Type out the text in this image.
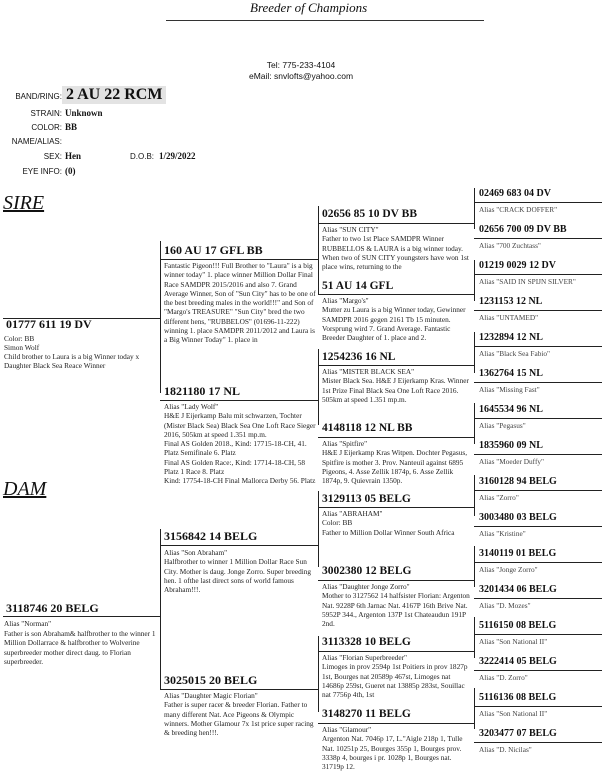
Breeder of Champions
Tel: 775-233-4104
eMail: snvlofts@yahoo.com
BAND/RING: 2 AU 22 RCM
STRAIN: Unknown
COLOR: BB
NAME/ALIAS:
SEX: Hen	D.O.B: 1/29/2022
EYE INFO: (0)
SIRE
DAM
01777 611 19 DV
Color: BB
Simon Wolf
Child brother to Laura is a big Winner today x Daughter Black Sea Reace Winner
3118746 20 BELG
Alias "Norman"
Father is son Abraham& halfbrother to the winner 1 Million Dollarrace & halfbrother to Wolverine superbreeder mother direct daug. to Florian superbreeder.
160 AU 17 GFL BB
Fantastic Pigeon!!! Full Brother to "Laura" is a big winner today" 1. place winner Million Dollar Final Race SAMDPR 2015/2016 and also 7. Grand Average Winner, Son of "Sun City" has to be one of the best breeding males in the world!!!" and Son of "Margo's TREASURE" "Sun City" bred the two different hens, "RUBBELOS" (01696-11-222) winning 1. place SAMDPR 2011/2012 and Laura is a Big Winner Today" 1. place in
1821180 17 NL
Alias "Lady Wolf"
H&E J Eijerkamp Balu mit schwarzen, Tochter (Mister Black Sea) Black Sea One Loft Race Sieger 2016, 505km at speed 1.351 mp.m.
Final AS Golden 2018., Kind: 17715-18-CH, 41. Platz Semifinale 6. Platz
Final AS Golden Race:, Kind: 17714-18-CH, 58 Platz 1 Race 8. Platz
Kind: 17754-18-CH Final Mallorca Derby 56. Platz
3156842 14 BELG
Alias "Son Abraham"
Halfbrother to winner 1 Million Dollar Race Sun City. Mother is daug. Jonge Zorro. Super breeding hen. 1 ofthe last direct sons of world famous Abraham!!!.
3025015 20 BELG
Alias "Daughter Magic Florian"
Father is super racer & breeder Florian. Father to many different Nat. Ace Pigeons & Olympic winners. Mother Glamour 7x 1st price super racing & breeding hen!!!.
02656 85 10 DV BB
Alias "SUN CITY"
Father to two 1st Place SAMDPR Winner RUBBELLOS & LAURA is a big winner today. When two of SUN CITY youngsters have won 1st place wins, returning to the
51 AU 14 GFL
Alias "Margo's"
Mutter zu Laura is a big Winner today, Gewinner SAMDPR 2016 gegen 2161 Tb 15 minuten. Vorsprung wird 7. Grand Average. Fantastic Breeder Daughter of 1. place and 2.
1254236 16 NL
Alias "MISTER BLACK SEA"
Mister Black Sea. H&E J Eijerkamp Kras. Winner 1st Prize Final Black Sea One Loft Race 2016. 505km at speed 1.351 mp.m.
4148118 12 NL BB
Alias "Spitfire"
H&E J Eijerkamp Kras Witpen. Dochter Pegasus, Spitfire is mother 3. Prov. Nanteuil against 6895 Pigeons, 4. Asse Zellik 1874p, 6. Asse Zellik 1874p, 9. Quievrain 1350p.
3129113 05 BELG
Alias "ABRAHAM"
Color: BB
Father to Million Dollar Winner South Africa
3002380 12 BELG
Alias "Daughter Jonge Zorro"
Mother to 3127562 14 halfsister Florian: Argenton Nat. 9228P 6th Jarnac Nat. 4167P 16th Brive Nat. 5952P 344., Argenton 137P 1st Chateaudun 191P 2nd.
3113328 10 BELG
Alias "Florian Superbreeder"
Limoges in prov 2594p 1st Poitiers in prov 1827p 1st, Bourges nat 20589p 467st, Limoges nat 14686p 259st, Gueret nat 13885p 283st, Souillac nat 7756p 4th, 1st
3148270 11 BELG
Alias "Glamour"
Argenton Nat. 7046p 17, L."Aigle 218p 1, Tulle Nat. 10251p 25, Bourges 355p 1, Bourges prov. 3338p 4, bourges i pr. 1028p 1, Bourges nat. 31719p 12.
02469 683 04 DV
Alias "CRACK DOFFER"
02656 700 09 DV BB
Alias "700 Zuchtass"
01219 0029 12 DV
Alias "SAID IN SPIJN SILVER"
1231153 12 NL
Alias "UNTAMED"
1232894 12 NL
Alias "Black Sea Fabio"
1362764 15 NL
Alias "Missing Fast"
1645534 96 NL
Alias "Pegasus"
1835960 09 NL
Alias "Moeder Duffy"
3160128 94 BELG
Alias "Zorro"
3003480 03 BELG
Alias "Kristine"
3140119 01 BELG
Alias "Jonge Zorro"
3201434 06 BELG
Alias "D. Mozes"
5116150 08 BELG
Alias "Son National II"
3222414 05 BELG
Alias "D. Zorro"
5116136 08 BELG
Alias "Son National II"
3203477 07 BELG
Alias "D. Nicilas"
